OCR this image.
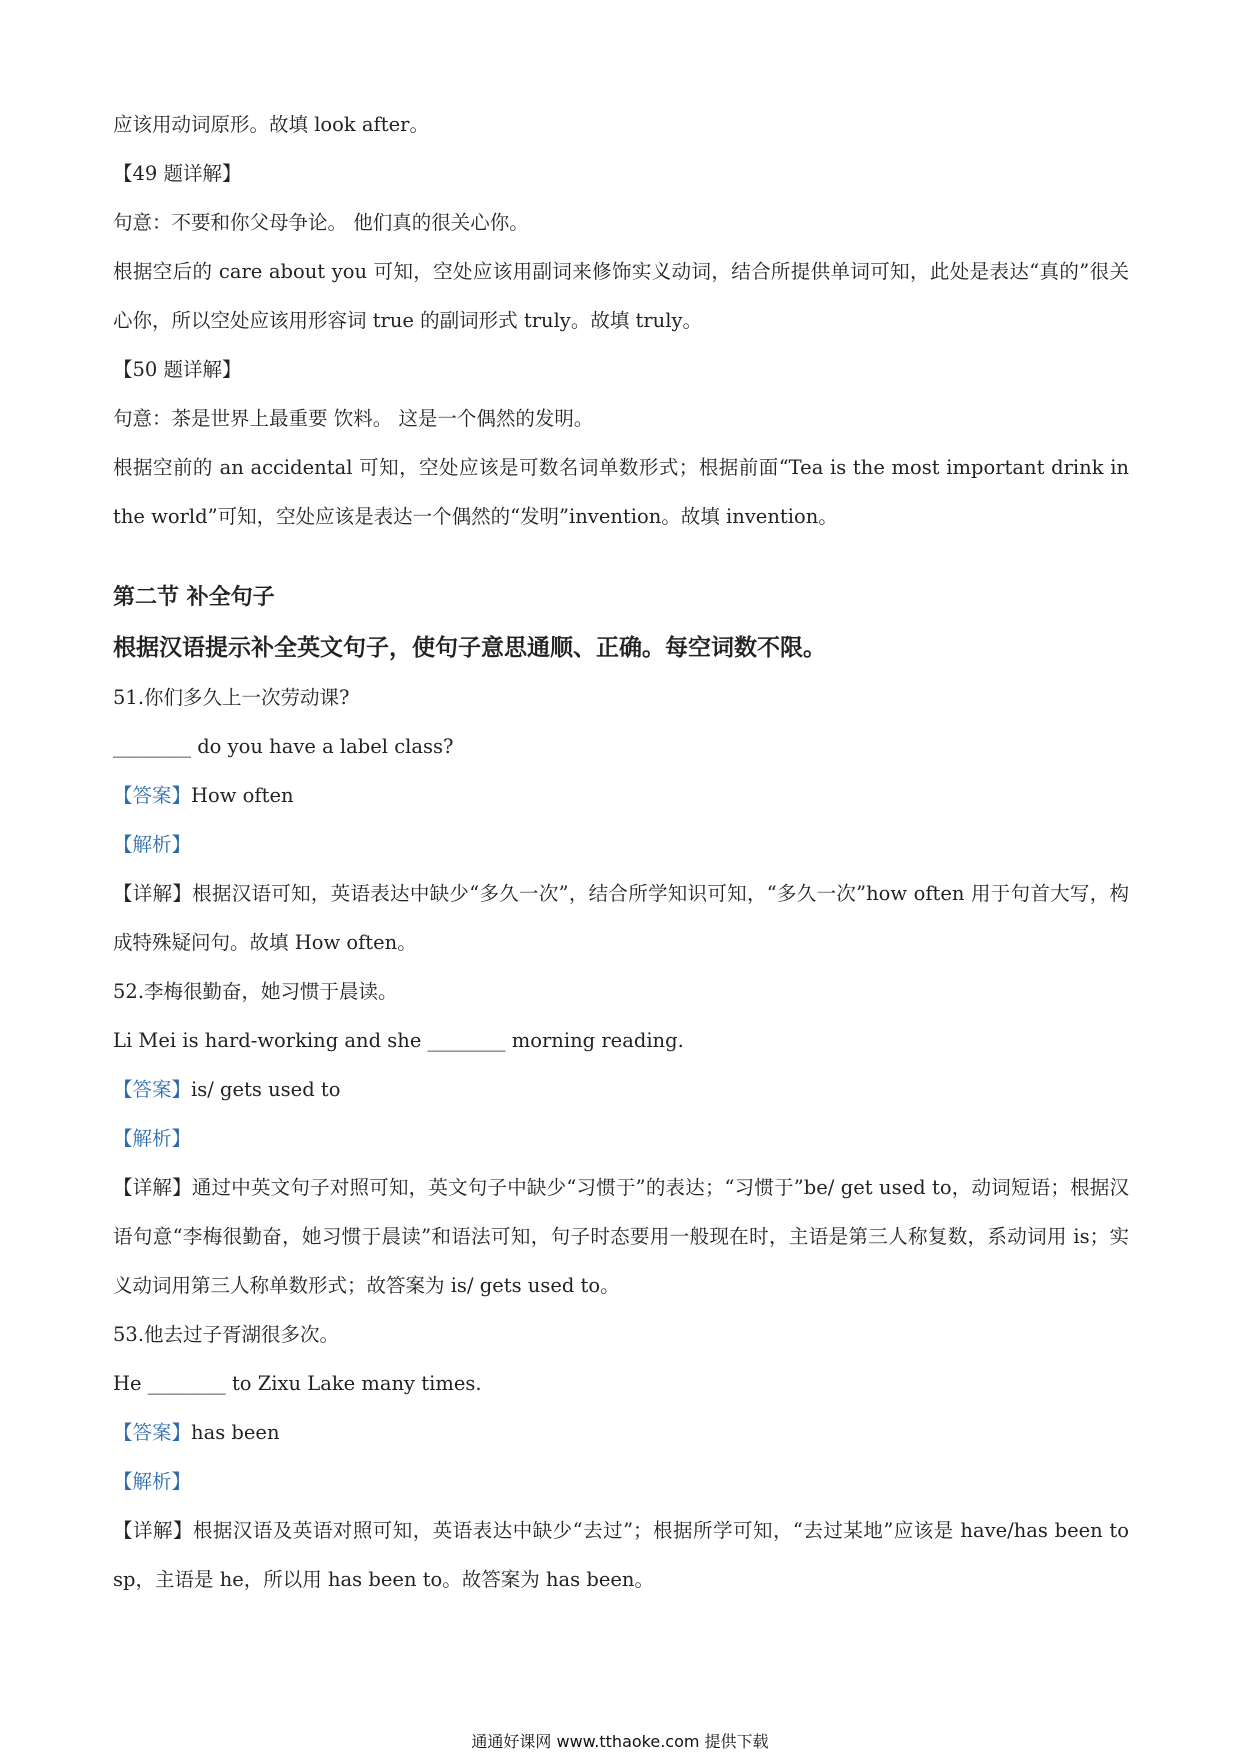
应该用动词原形。故填 look after。
【49 题详解】
句意：不要和你父母争论。 他们真的很关心你。
根据空后的 care about you 可知，空处应该用副词来修饰实义动词，结合所提供单词可知，此处是表达“真的”很关心你，所以空处应该用形容词 true 的副词形式 truly。故填 truly。
【50 题详解】
句意：茶是世界上最重要 饮料。 这是一个偶然的发明。
根据空前的 an accidental 可知，空处应该是可数名词单数形式；根据前面“Tea is the most important drink in the world”可知，空处应该是表达一个偶然的“发明”invention。故填 invention。
第二节 补全句子
根据汉语提示补全英文句子，使句子意思通顺、正确。每空词数不限。
51.你们多久上一次劳动课?
________ do you have a label class?
【答案】How often
【解析】
【详解】根据汉语可知，英语表达中缺少“多久一次”，结合所学知识可知，“多久一次”how often 用于句首大写，构成特殊疑问句。故填 How often。
52.李梅很勤奋，她习惯于晨读。
Li Mei is hard-working and she ________ morning reading.
【答案】is/ gets used to
【解析】
【详解】通过中英文句子对照可知，英文句子中缺少“习惯于”的表达；“习惯于”be/ get used to，动词短语；根据汉语句意“李梅很勤奋，她习惯于晨读”和语法可知，句子时态要用一般现在时，主语是第三人称复数，系动词用 is；实义动词用第三人称单数形式；故答案为 is/ gets used to。
53.他去过子胥湖很多次。
He ________ to Zixu Lake many times.
【答案】has been
【解析】
【详解】根据汉语及英语对照可知，英语表达中缺少“去过”；根据所学可知，“去过某地”应该是 have/has been to sp，主语是 he，所以用 has been to。故答案为 has been。
通通好课网 www.tthaoke.com 提供下载
